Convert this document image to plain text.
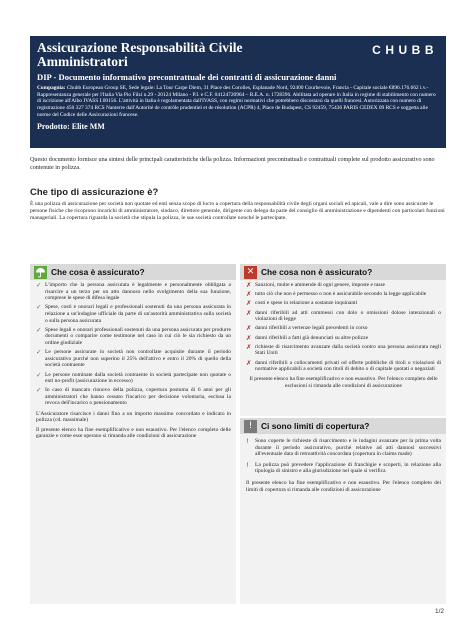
CHUBB
Assicurazione Responsabilità Civile Amministratori
DIP - Documento informativo precontrattuale dei contratti di assicurazione danni
Compagnia: Chubb European Group SE, Sede legale: La Tour Carpe Diem, 31 Place des Corolles, Esplanade Nord, 92400 Courbevoie, Francia - Capitale sociale €896.176.662 i.v.- Rappresentanza generale per l'Italia Via Pio Filzi n.29 - 20124 Milano - P.I. e C.F. 04124720964 – R.E.A. n. 1728396. Abilitata ad operare in Italia in regime di stabilimento con numero di iscrizione all'Albo IVASS I.00156. L'attività in Italia è regolamentata dall'IVASS, con regimi normativi che potrebbero discostarsi da quelli francesi. Autorizzata con numero di registrazione 450 327 374 RCS Nanterre dall'Autorité de contrôle prudentiel et de résolution (ACPR) 4, Place de Budapest, CS 92459, 75436 PARIS CEDEX 09 RCS e soggetta alle norme del Codice delle Assicurazioni francese.
Prodotto: Elite MM
Questo documento fornisce una sintesi delle principali caratteristiche della polizza. Informazioni precontrattuali e contrattuali complete sul prodotto assicurativo sono contenute in polizza.
Che tipo di assicurazione è?
È una polizza di assicurazione per società non quotate ed enti senza scopo di lucro a copertura della responsabilità civile degli organi sociali ed apicali, vale a dire sono assicurate le persone fisiche che ricoprono incarichi di amministratore, sindaco, direttore generale, dirigente con delega da parte del consiglio di amministrazione e dipendenti con particolari funzioni manageriali. La copertura riguarda la società che stipula la polizza, le sue società controllate nonché le partecipate.
Che cosa è assicurato?
✓ L'importo che la persona assicurata è legalmente e personalmente obbligata a risarcire a un terzo per un atto dannoso nello svolgimento della sua funzione, comprese le spese di difesa legale
✓ Spese, costi e onorari legali e professionali sostenuti da una persona assicurata in relazione a un'indagine ufficiale da parte di un'autorità amministrativa sulla società o sulla persona assicurata
✓ Spese legali e onorari professionali sostenuti da una persona assicurata per produrre documenti o comparire come testimone nel caso in cui ciò le sia richiesto da un ordine giudiziale
✓ Le persone assicurate in società non controllate acquisite durante il periodo assicurativo purché non superino il 25% dell'attivo e entro il 20% di quello della società contraente
✓ Le persone nominate dalla società contraente in società partecipate non quotate o enti no-profit (assicurazione in eccesso)
✓ In caso di mancato rinnovo della polizza, copertura postuma di 6 anni per gli amministratori che hanno cessato l'incarico per decisione volontaria, esclusa la revoca dell'incarico o pensionamento
L'Assicuratore risarcisce i danni fino a un importo massimo concordato e indicato in polizza (cd. massimale)
Il presente elenco ha fine esemplificativo e non esaustivo. Per l'elenco completo delle garanzie e come esse operano si rimanda alle condizioni di assicurazione
✕ Che cosa non è assicurato?
✗ Sanzioni, multe e ammende di ogni genere, imposte e tasse
✗ tutto ciò che non è permesso o non è assicurabile secondo la legge applicabile
✗ costi e spese in relazione a sostanze inquinanti
✗ danni riferibili ad atti commessi con dolo o omissioni dolose intenzionali o violazioni di legge
✗ danni riferibili a vertenze legali precedenti in corso
✗ danni riferibili a fatti già denunciati su altre polizze
✗ richieste di risarcimento avanzate dalla società contro una persona assicurata negli Stati Uniti
✗ danni riferibili a collocamenti privati od offerte pubbliche di titoli o violazioni di normative applicabili a società con titoli di debito o di capitale quotati o negoziati
Il presente elenco ha fine esemplificativo e non esaustivo. Per l'elenco completo delle esclusioni si rimanda alle condizioni di assicurazione
!	Ci sono limiti di copertura?
!	Sono coperte le richieste di risarcimento e le indagini avanzate per la prima volta durante il periodo assicurativo, purché relative ad atti dannosi successivi all'eventuale data di retroattività concordata (copertura in claims made)
!	La polizza può prevedere l'applicazione di franchigie e scoperti, in relazione alla tipologia di sinistro e alla giurisdizione nel quale si verifica
Il presente elenco ha fine esemplificativo e non esaustivo. Per l'elenco completo dei limiti di copertura si rimanda alle condizioni di assicurazione
1/2
